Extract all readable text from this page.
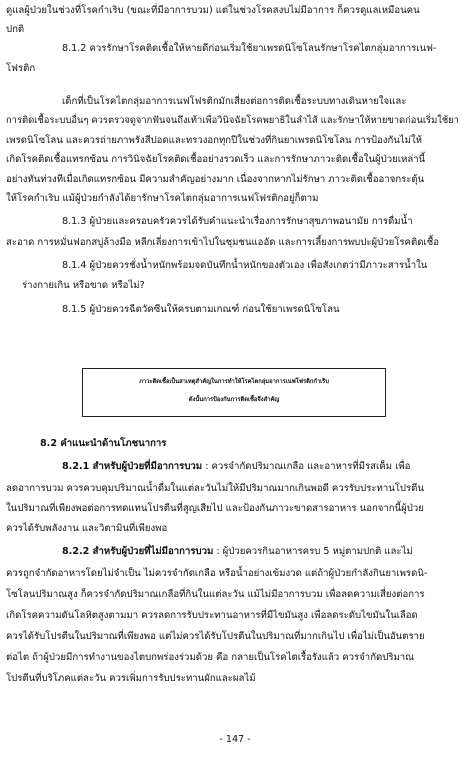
ดูแลผู้ป่วยในช่วงที่โรคกำเริบ (ขณะที่มีอาการบวม) แต่ในช่วงโรคสงบไม่มีอาการ ก็ควรดูแลเหมือนคน
ปกติ
8.1.2 ควรรักษาโรคติดเชื้อให้หายดีก่อนเริ่มใช้ยาเพรดนิโซโลนรักษาโรคไตกลุ่มอาการเนฟ-
โฟรติก
เด็กที่เป็นโรคไตกลุ่มอาการเนฟโฟรติกมักเสี่ยงต่อการติดเชื้อระบบทางเดินหายใจและ
การติดเชื้อระบบอื่นๆ ควรตรวจดูจากฟันจนถึงเท้าเพื่อวินิจฉัยโรคพยาธิในลำไส้ และรักษาให้หายขาดก่อนเริ่มใช้ยา
เพรดนิโซโลน และควรถ่ายภาพรังสีปอดและทรวงอกทุกปีในช่วงที่กินยาเพรดนิโซโลน การป้องกันไม่ให้
เกิดโรคติดเชื้อแทรกซ้อน การวินิจฉัยโรคติดเชื้ออย่างรวดเร็ว และการรักษาภาวะติดเชื้อในผู้ป่วยเหล่านี้
อย่างทันท่วงทีเมื่อเกิดแทรกซ้อน มีความสำคัญอย่างมาก เนื่องจากหากไม่รักษา ภาวะติดเชื้ออาจกระตุ้น
ให้โรคกำเริบ แม้ผู้ป่วยกำลังได้ยารักษาโรคไตกลุ่มอาการเนฟโฟรติกอยู่ก็ตาม
8.1.3 ผู้ป่วยและครอบครัวควรได้รับคำแนะนำเรื่องการรักษาสุขภาพอนามัย การดื่มน้ำ
สะอาด การหมั่นฟอกสบู่ล้างมือ หลีกเลี่ยงการเข้าไปในชุมชนแออัด และการเลี้ยงการพบปะผู้ป่วยโรคติดเชื้อ
8.1.4 ผู้ป่วยควรชั่งน้ำหนักพร้อมจดบันทึกน้ำหนักของตัวเอง เพื่อสังเกตว่ามีภาวะสารน้ำใน
ร่างกายเกิน หรือขาด หรือไม่?
8.1.5 ผู้ป่วยควรฉีดวัคซีนให้ครบตามเกณฑ์ ก่อนใช้ยาเพรดนิโซโลน
ภาวะติดเชื้อเป็นสาเหตุสำคัญในการทำให้โรคไตกลุ่มอาการเนฟโฟรติกกำเริบ
ดังนั้นการป้องกันการติดเชื้อจึงสำคัญ
8.2 คำแนะนำด้านโภชนาการ
8.2.1 สำหรับผู้ป่วยที่มีอาการบวม : ควรจำกัดปริมาณเกลือ และอาหารที่มีรสเค็ม เพื่อ
ลดอาการบวม ควรควบคุมปริมาณน้ำดื่มในแต่ละวันไม่ให้มีปริมาณมากเกินพอดี ควรรับประทานโปรตีน
ในปริมาณที่เพียงพอต่อการทดแทนโปรตีนที่สูญเสียไป และป้องกันภาวะขาดสารอาหาร นอกจากนี้ผู้ป่วย
ควรได้รับพลังงาน และวิตามินที่เพียงพอ
8.2.2 สำหรับผู้ป่วยที่ไม่มีอาการบวม : ผู้ป่วยควรกินอาหารครบ 5 หมู่ตามปกติ และไม่
ควรถูกจำกัดอาหารโดยไม่จำเป็น ไม่ควรจำกัดเกลือ หรือน้ำอย่างเข้มงวด แต่ถ้าผู้ป่วยกำลังกินยาเพรดนิ-
โซโลนปริมาณสูง ก็ควรจำกัดปริมาณเกลือที่กินในแต่ละวัน แม้ไม่มีอาการบวม เพื่อลดความเสี่ยงต่อการ
เกิดโรคความดันโลหิตสูงตามมา ควรลดการรับประทานอาหารที่มีไขมันสูง เพื่อลดระดับไขมันในเลือด
ควรได้รับโปรตีนในปริมาณที่เพียงพอ แต่ไม่ควรได้รับโปรตีนในปริมาณที่มากเกินไป เพื่อไม่เป็นอันตราย
ต่อไต ถ้าผู้ป่วยมีการทำงานของไตบกพร่องร่วมด้วย คือ กลายเป็นโรคไตเรื้อรังแล้ว ควรจำกัดปริมาณ
โปรตีนที่บริโภคแต่ละวัน ควรเพิ่มการรับประทานผักและผลไม้
- 147 -
